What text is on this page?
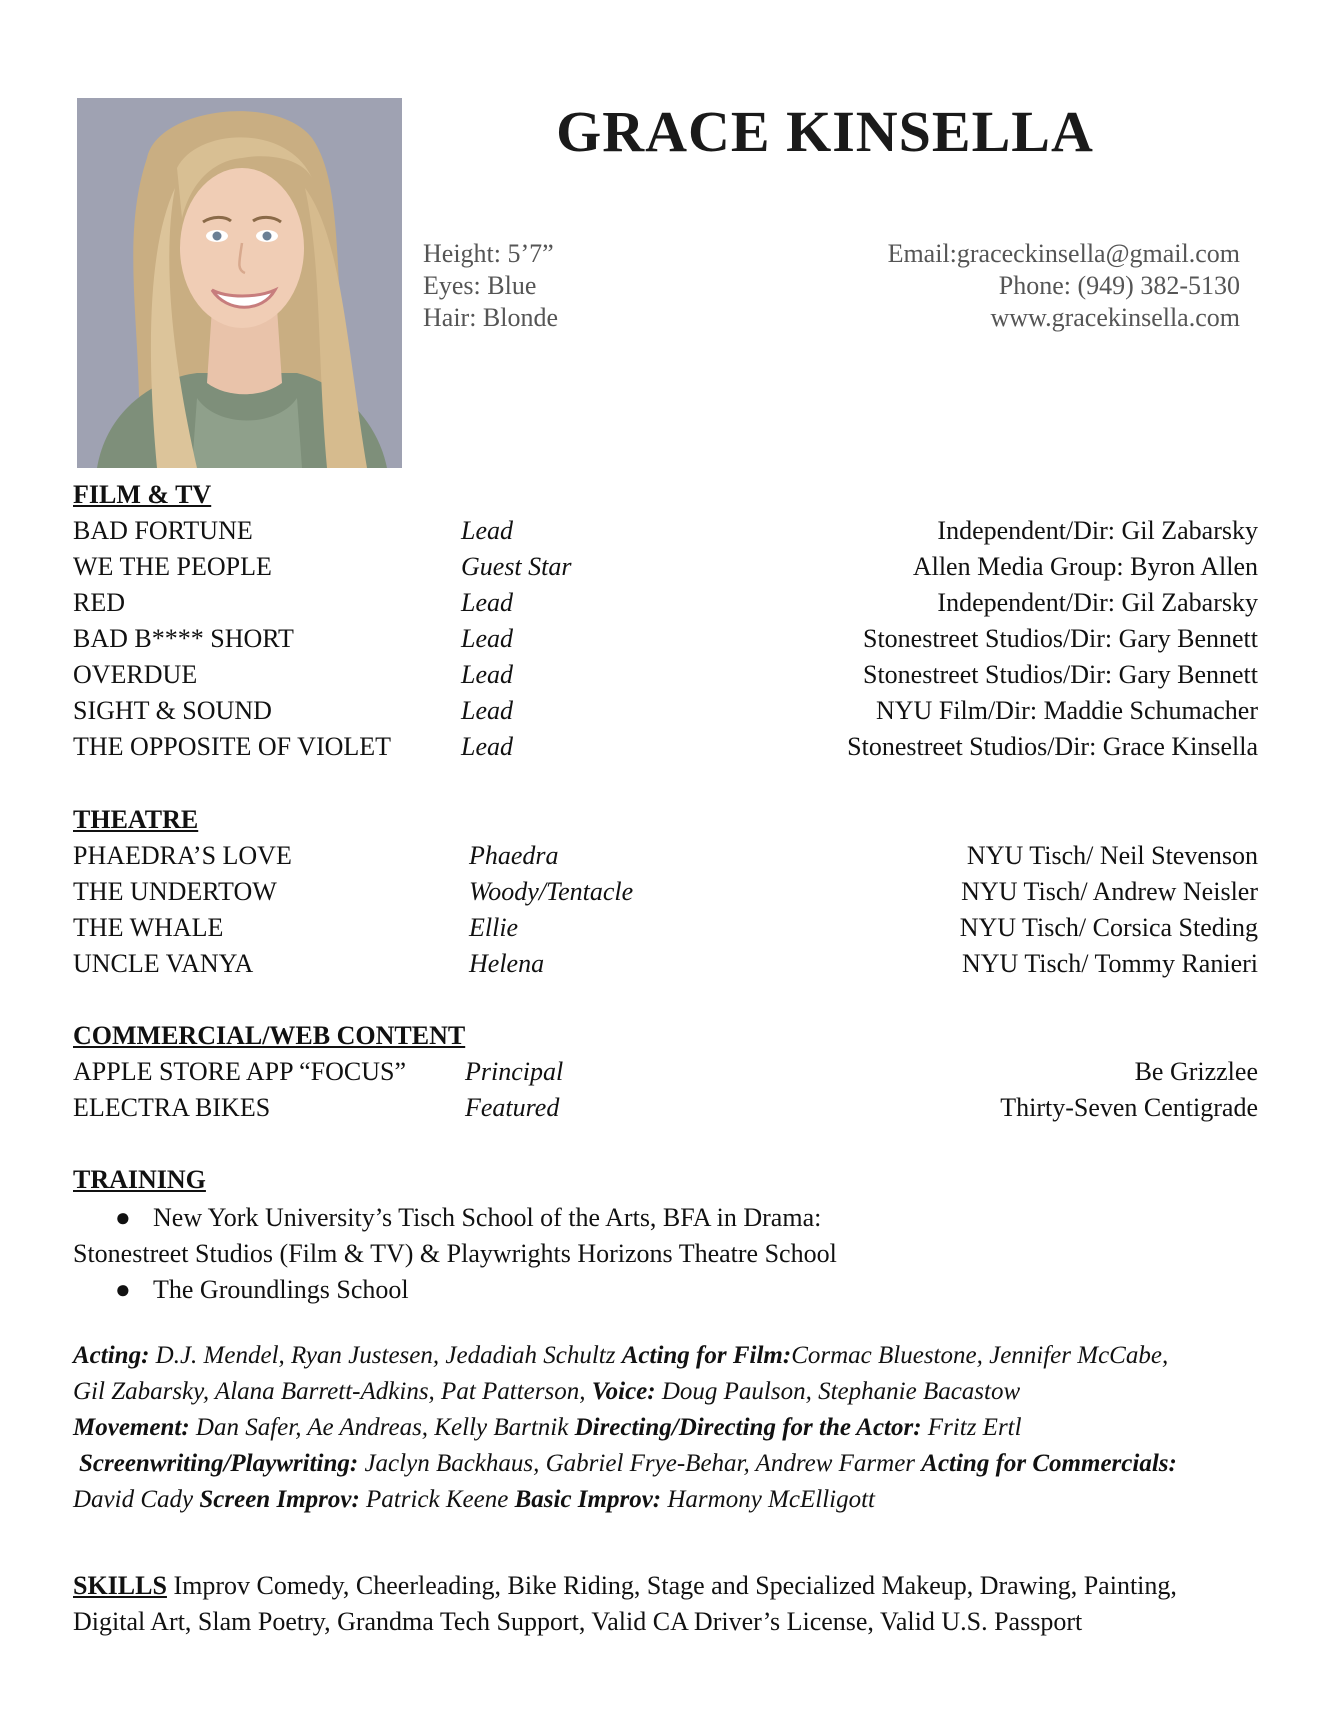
GRACE KINSELLA
Height: 5’7”
Eyes: Blue
Hair: Blonde
Email:graceckinsella@gmail.com
Phone: (949) 382-5130
www.gracekinsella.com
FILM & TV
BAD FORTUNE	Lead	Independent/Dir: Gil Zabarsky
WE THE PEOPLE	Guest Star	Allen Media Group: Byron Allen
RED	Lead	Independent/Dir: Gil Zabarsky
BAD B**** SHORT	Lead	Stonestreet Studios/Dir: Gary Bennett
OVERDUE	Lead	Stonestreet Studios/Dir: Gary Bennett
SIGHT & SOUND	Lead	NYU Film/Dir: Maddie Schumacher
THE OPPOSITE OF VIOLET	Lead	Stonestreet Studios/Dir: Grace Kinsella
THEATRE
PHAEDRA’S LOVE	Phaedra	NYU Tisch/ Neil Stevenson
THE UNDERTOW	Woody/Tentacle	NYU Tisch/ Andrew Neisler
THE WHALE	Ellie	NYU Tisch/ Corsica Steding
UNCLE VANYA	Helena	NYU Tisch/ Tommy Ranieri
COMMERCIAL/WEB CONTENT
APPLE STORE APP “FOCUS” Principal	Be Grizzlee
ELECTRA BIKES	Featured	Thirty-Seven Centigrade
TRAINING
● New York University’s Tisch School of the Arts, BFA in Drama:
Stonestreet Studios (Film & TV) & Playwrights Horizons Theatre School
● The Groundlings School
Acting: D.J. Mendel, Ryan Justesen, Jedadiah Schultz Acting for Film:Cormac Bluestone, Jennifer McCabe,
Gil Zabarsky, Alana Barrett-Adkins, Pat Patterson, Voice: Doug Paulson, Stephanie Bacastow
Movement: Dan Safer, Ae Andreas, Kelly Bartnik Directing/Directing for the Actor: Fritz Ertl
Screenwriting/Playwriting: Jaclyn Backhaus, Gabriel Frye-Behar, Andrew Farmer Acting for Commercials:
David Cady Screen Improv: Patrick Keene Basic Improv: Harmony McElligott
SKILLS Improv Comedy, Cheerleading, Bike Riding, Stage and Specialized Makeup, Drawing, Painting,
Digital Art, Slam Poetry, Grandma Tech Support, Valid CA Driver’s License, Valid U.S. Passport
